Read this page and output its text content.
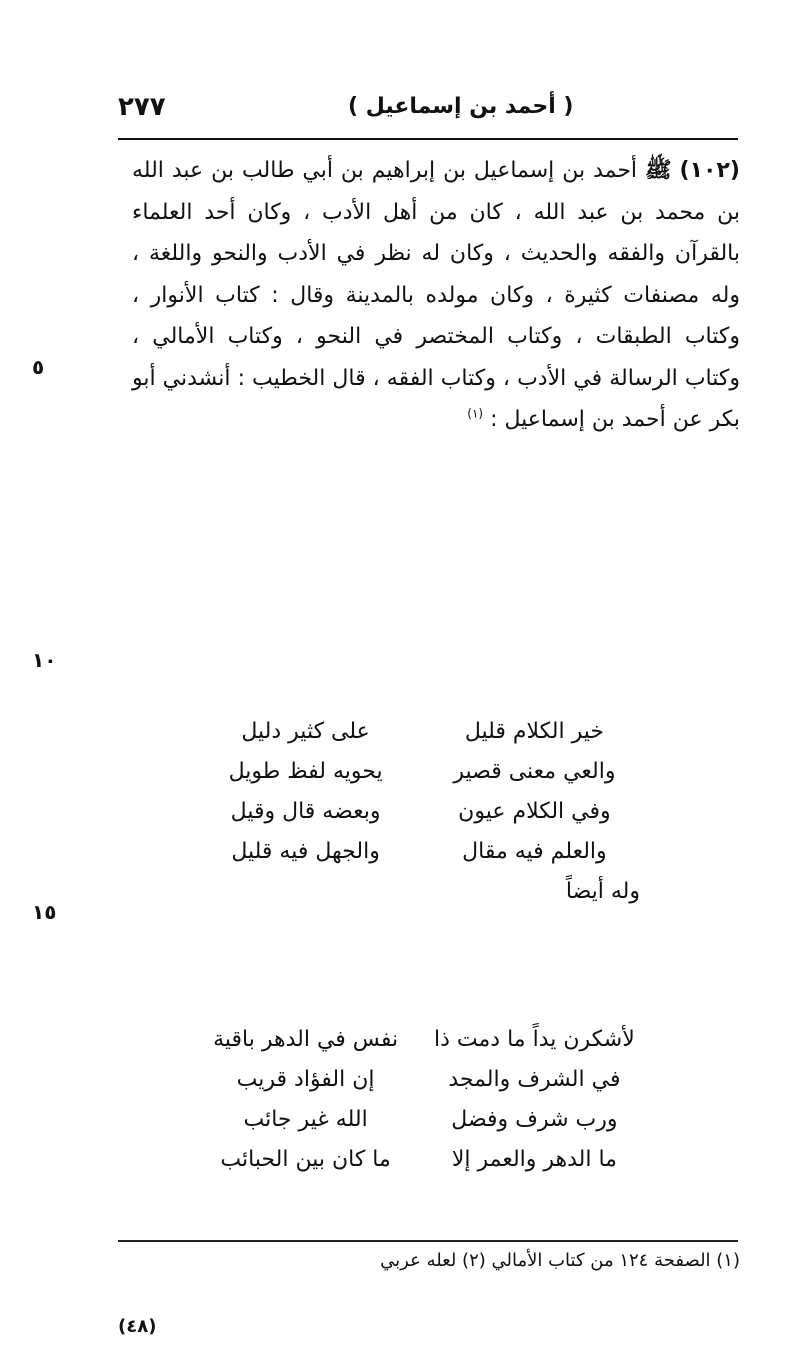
٢٧٧	( أحمد بن إسماعيل )

(١٠٢) ﷺ أحمد بن إسماعيل بن إبراهيم بن أبي طالب بن عبد الله بن محمد بن عبد الله ، كان من أهل الأدب ، وكان أحد العلماء بالقرآن والفقه والحديث ، وكان له نظر في الأدب والنحو واللغة ، وله مصنفات كثيرة ، وكان مولده بالمدينة وقال : كتاب الأنوار ، وكتاب الطبقات ، وكتاب المختصر في النحو ، وكتاب الأمالي ، وكتاب الرسالة في الأدب ، وكتاب الفقه ، قال الخطيب : أنشدني أبو بكر عن أحمد بن إسماعيل : $^{(١)}$

٥
١٠
١٥
خير الكلام قليل
على كثير دليل
والعي معنى قصير
يحويه لفظ طويل
وفي الكلام عيون
وبعضه قال وقيل
والعلم فيه مقال
والجهل فيه قليل
وله أيضاً
لأشكرن يداً ما دمت ذا
نفس في الدهر باقية
في الشرف والمجد
إن الفؤاد قريب
ورب شرف وفضل
الله غير جائب
ما الدهر والعمر إلا
ما كان بين الحبائب
(١) الصفحة ١٢٤ من كتاب الأمالي (٢) لعله عربي
(٤٨)
